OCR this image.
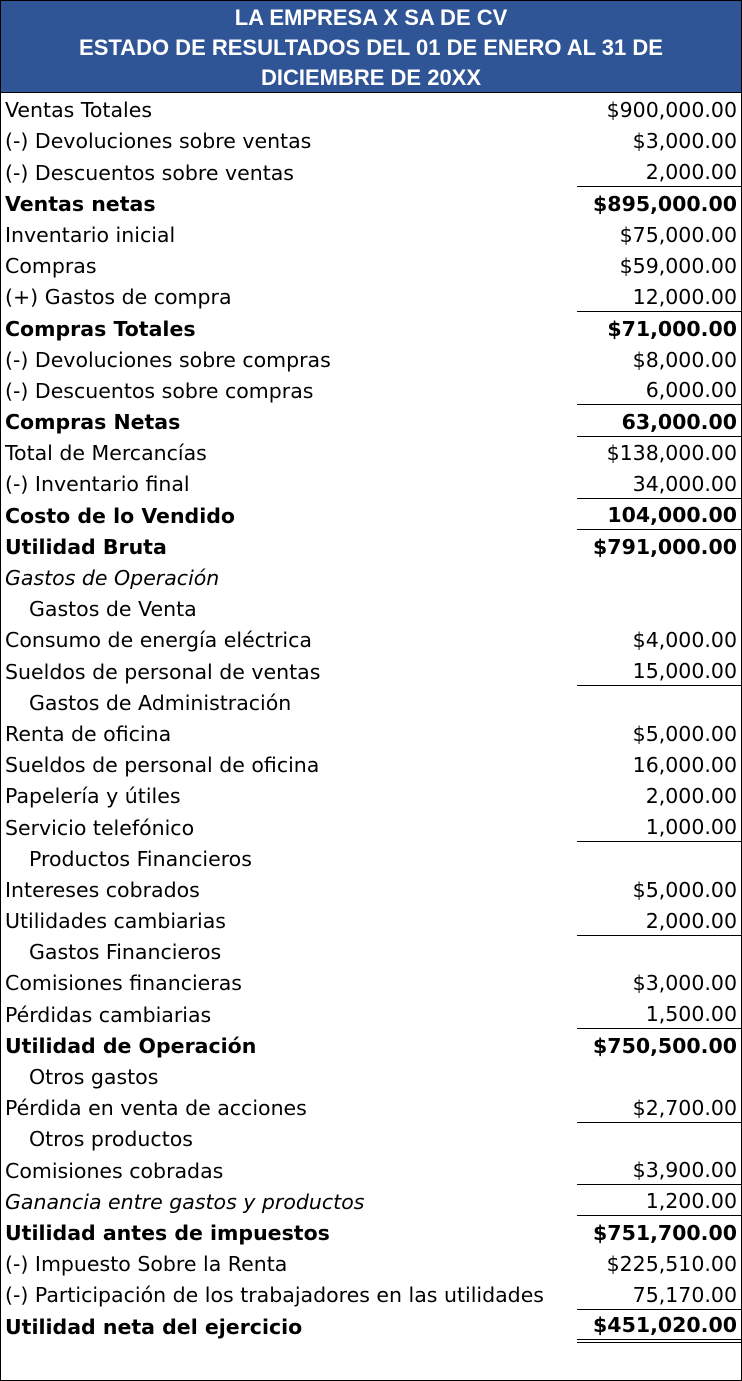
LA EMPRESA X SA DE CV
ESTADO DE RESULTADOS DEL 01 DE ENERO AL 31 DE
DICIEMBRE DE 20XX
Ventas Totales	$900,000.00
(-) Devoluciones sobre ventas	$3,000.00
(-) Descuentos sobre ventas	2,000.00
Ventas netas	$895,000.00
Inventario inicial	$75,000.00
Compras	$59,000.00
(+) Gastos de compra	12,000.00
Compras Totales	$71,000.00
(-) Devoluciones sobre compras	$8,000.00
(-) Descuentos sobre compras	6,000.00
Compras Netas	63,000.00
Total de Mercancías	$138,000.00
(-) Inventario final	34,000.00
Costo de lo Vendido	104,000.00
Utilidad Bruta	$791,000.00
Gastos de Operación	
Gastos de Venta	
Consumo de energía eléctrica	$4,000.00
Sueldos de personal de ventas	15,000.00
Gastos de Administración	
Renta de oficina	$5,000.00
Sueldos de personal de oficina	16,000.00
Papelería y útiles	2,000.00
Servicio telefónico	1,000.00
Productos Financieros	
Intereses cobrados	$5,000.00
Utilidades cambiarias	2,000.00
Gastos Financieros	
Comisiones financieras	$3,000.00
Pérdidas cambiarias	1,500.00
Utilidad de Operación	$750,500.00
Otros gastos	
Pérdida en venta de acciones	$2,700.00
Otros productos	
Comisiones cobradas	$3,900.00
Ganancia entre gastos y productos	1,200.00
Utilidad antes de impuestos	$751,700.00
(-) Impuesto Sobre la Renta	$225,510.00
(-) Participación de los trabajadores en las utilidades	75,170.00
Utilidad neta del ejercicio	$451,020.00
